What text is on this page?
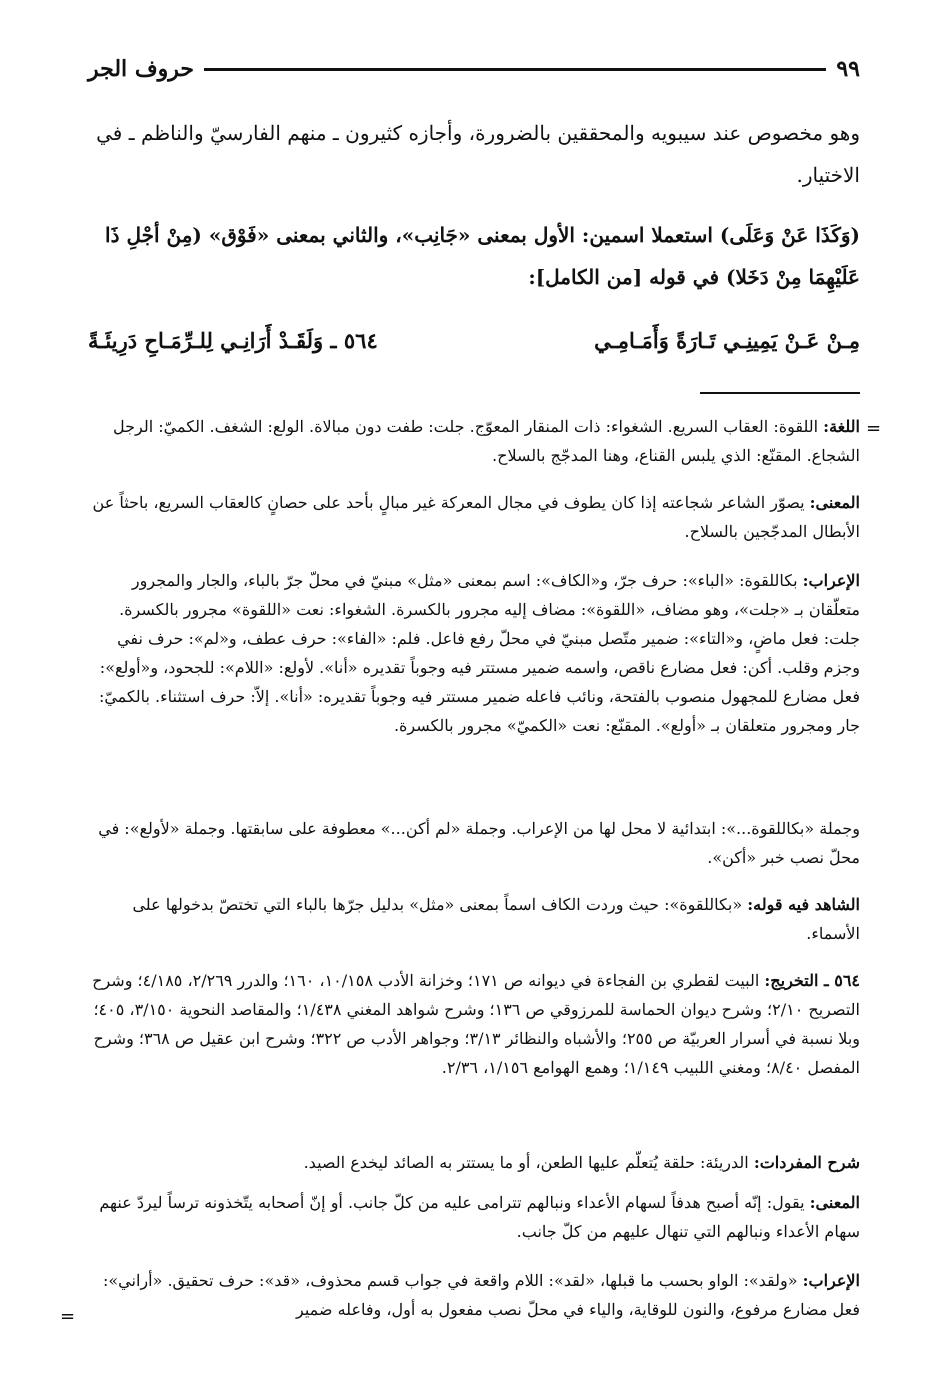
حروف الجر	٩٩

وهو مخصوص عند سيبويه والمحققين بالضرورة، وأجازه كثيرون ـ منهم الفارسيّ والناظم ـ في الاختيار.

(وَكَذَا عَنْ وَعَلَى) استعملا اسمين: الأول بمعنى «جَانِب»، والثاني بمعنى «فَوْق» (مِنْ أجْلِ ذَا عَلَيْهِمَا مِنْ دَخَلا) في قوله [من الكامل]:

٥٦٤ ـ وَلَقَـدْ أَرَانِـي لِلـرِّمَـاحِ دَرِيئَـةً	مِـنْ عَـنْ يَمِينِـي تَـارَةً وَأَمَـامِـي

اللغة: اللقوة: العقاب السريع. الشغواء: ذات المنقار المعوّج. جلت: طفت دون مبالاة. الولع: الشغف. الكميّ: الرجل الشجاع. المقنّع: الذي يلبس القناع، وهنا المدجّج بالسلاح.

المعنى: يصوّر الشاعر شجاعته إذا كان يطوف في مجال المعركة غير مبالٍ بأحد على حصانٍ كالعقاب السريع، باحثاً عن الأبطال المدجّجين بالسلاح.

الإعراب: بكاللقوة: «الباء»: حرف جرّ، و«الكاف»: اسم بمعنى «مثل» مبنيّ في محلّ جرّ بالباء، والجار والمجرور متعلّقان بـ «جلت»، وهو مضاف، «اللقوة»: مضاف إليه مجرور بالكسرة. الشغواء: نعت «اللقوة» مجرور بالكسرة. جلت: فعل ماضٍ، و«التاء»: ضمير متّصل مبنيّ في محلّ رفع فاعل. فلم: «الفاء»: حرف عطف، و«لم»: حرف نفي وجزم وقلب. أكن: فعل مضارع ناقص، واسمه ضمير مستتر فيه وجوباً تقديره «أنا». لأولع: «اللام»: للجحود، و«أولع»: فعل مضارع للمجهول منصوب بالفتحة، ونائب فاعله ضمير مستتر فيه وجوباً تقديره: «أنا». إلاّ: حرف استثناء. بالكميّ: جار ومجرور متعلقان بـ «أولع». المقنّع: نعت «الكميّ» مجرور بالكسرة.

وجملة «بكاللقوة...»: ابتدائية لا محل لها من الإعراب. وجملة «لم أكن...» معطوفة على سابقتها. وجملة «لأولع»: في محلّ نصب خبر «أكن».

الشاهد فيه قوله: «بكاللقوة»: حيث وردت الكاف اسماً بمعنى «مثل» بدليل جرّها بالباء التي تختصّ بدخولها على الأسماء.

٥٦٤ ـ التخريج: البيت لقطري بن الفجاءة في ديوانه ص ١٧١؛ وخزانة الأدب ١٠/١٥٨، ١٦٠؛ والدرر ٢/٢٦٩، ٤/١٨٥؛ وشرح التصريح ٢/١٠؛ وشرح ديوان الحماسة للمرزوقي ص ١٣٦؛ وشرح شواهد المغني ١/٤٣٨؛ والمقاصد النحوية ٣/١٥٠، ٤٠٥؛ وبلا نسبة في أسرار العربيّة ص ٢٥٥؛ والأشباه والنظائر ٣/١٣؛ وجواهر الأدب ص ٣٢٢؛ وشرح ابن عقيل ص ٣٦٨؛ وشرح المفصل ٨/٤٠؛ ومغني اللبيب ١/١٤٩؛ وهمع الهوامع ١/١٥٦، ٢/٣٦.

شرح المفردات: الدريئة: حلقة يُتعلّم عليها الطعن، أو ما يستتر به الصائد ليخدع الصيد.

المعنى: يقول: إنّه أصبح هدفاً لسهام الأعداء ونبالهم تترامى عليه من كلّ جانب. أو إنّ أصحابه يتّخذونه ترساً ليردّ عنهم سهام الأعداء ونبالهم التي تنهال عليهم من كلّ جانب.

الإعراب: «ولقد»: الواو بحسب ما قبلها، «لقد»: اللام واقعة في جواب قسم محذوف، «قد»: حرف تحقيق. «أراني»: فعل مضارع مرفوع، والنون للوقاية، والياء في محلّ نصب مفعول به أول، وفاعله ضمير

=
=
